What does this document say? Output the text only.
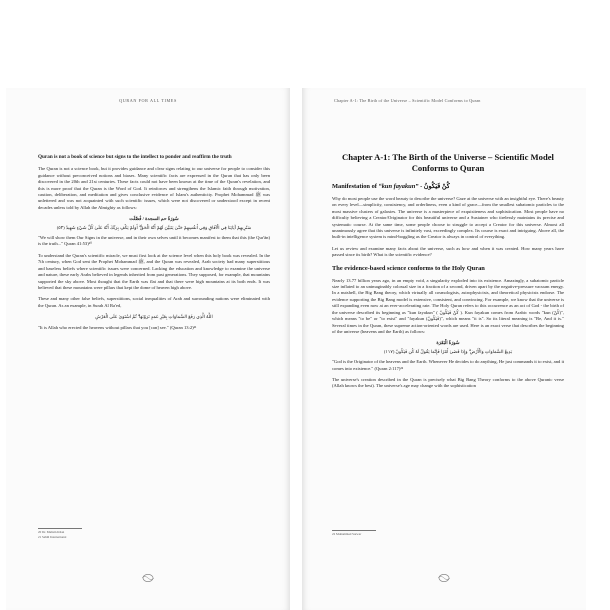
QURAN FOR ALL TIMES

Quran is not a book of science but signs to the intellect to ponder and reaffirm the truth

The Quran is not a science book, but it provides guidance and clear signs relating to our universe for people to consider this guidance without preconceived notions and biases. Many scientific facts are expressed in the Quran that has only been discovered in the 20th and 21st centuries. These facts could not have been known at the time of the Quran's revelation, and this is more proof that the Quran is the Word of God. It reinforces and strengthens the Islamic faith through motivation, caution, deliberation, and meditation and gives conclusive evidence of Islam's authenticity. Prophet Mohammad ﷺ was unlettered and was not acquainted with such scientific issues, which were not discovered or understood except in recent decades unless told by Allah the Almighty as follows:

سُورَةُ حم السجدة / فُصِّلَت

سَنُرِيهِمْ آيَاتِنَا فِي الْآفَاقِ وَفِي أَنفُسِهِمْ حَتَّىٰ يَتَبَيَّنَ لَهُمْ أَنَّهُ الْحَقُّ ۗ أَوَلَمْ يَكْفِ بِرَبِّكَ أَنَّهُ عَلَىٰ كُلِّ شَيْءٍ شَهِيدٌ (٥٣)

"We will show them Our Signs in the universe, and in their own selves until it becomes manifest to them that this (the Qur'ān) is the truth..." Quran 41:53)²⁰

To understand the Quran's scientific miracle, we must first look at the science level when this holy book was revealed. In the 7th century, when God sent the Prophet Mohammad ﷺ, and the Quran was revealed, Arab society had many superstitious and baseless beliefs where scientific issues were concerned. Lacking the education and knowledge to examine the universe and nature, these early Arabs believed in legends inherited from past generations. They supposed, for example, that mountains supported the sky above. Most thought that the Earth was flat and that there were high mountains at its both ends. It was believed that these mountains were pillars that kept the dome of heaven high above.

These and many other false beliefs, superstitions, social inequalities of Arab and surrounding nations were eliminated with the Quran. As an example, in Surah Al Ra'ed,

اللَّهُ الَّذِي رَفَعَ السَّمَاوَاتِ بِغَيْرِ عَمَدٍ تَرَوْنَهَا ۖ ثُمَّ اسْتَوَىٰ عَلَى الْعَرْشِ

"It is Allah who erected the heavens without pillars that you [can] see." (Quran 13:2)²¹

20 Dr. Muhsin Khan
21 Sahih International
Chapter A-1: The Birth of the Universe – Scientific Model Conforms to Quran

Chapter A-1: The Birth of the Universe – Scientific Model Conforms to Quran

Manifestation of “kun fayakun” - كُنْ فَيَكُونُ

Why do most people use the word beauty to describe the universe? Gaze at the universe with an insightful eye. There's beauty on every level—simplicity, consistency, and orderliness, even a kind of grace—from the smallest subatomic particles to the most massive clusters of galaxies. The universe is a masterpiece of exquisiteness and sophistication. Most people have no difficulty believing a Creator/Originator for this beautiful universe and a Sustainer who tirelessly maintains its precise and systematic course. At the same time, some people choose to struggle to accept a Creator for this universe. Almost all unanimously agree that this universe is infinitely vast, exceedingly complex. Its course is exact and intriguing. Above all, the built-in intelligence system is mind-boggling as the Creator is always in control of everything.

Let us review and examine many facts about the universe, such as how and when it was created. How many years have passed since its birth? What is the scientific evidence?

The evidence-based science conforms to the Holy Quran

Nearly 13.77 billion years ago, in an empty void, a singularity exploded into its existence. Amazingly, a subatomic particle size inflated to an unimaginably colossal size in a fraction of a second, driven apart by the negative-pressure vacuum energy. In a nutshell, the Big Bang theory, which virtually all cosmologists, astrophysicists, and theoretical physicists endorse. The evidence supporting the Big Bang model is extensive, consistent, and convincing. For example, we know that the universe is still expanding even now at an ever-accelerating rate. The Holy Quran refers to this occurrence as an act of God - the birth of the universe described its beginning as "kun fayakun" ( كُنْ فَيَكُونُ ). Kun fayakun comes from Arabic words "kun (كُنْ)", which means "to be" or "to exist" and "fayakun (فَيَكُونُ)", which means "it is". So its literal meaning is "Be, And it is." Several times in the Quran, these supreme action-oriented words are used. Here is an exact verse that describes the beginning of the universe (heavens and the Earth) as follows:

سُورَةُ الْبَقَرَة

بَدِيعُ السَّمَاوَاتِ وَالْأَرْضِ ۖ وَإِذَا قَضَىٰ أَمْرًا فَإِنَّمَا يَقُولُ لَهُ كُن فَيَكُونُ (١١٧)

"God is the Originator of the heavens and the Earth. Whenever He decides to do anything, He just commands it to exist, and it comes into existence." (Quran 2:117)²²

The universe's creation described in the Quran is precisely what Big Bang Theory conforms to the above Quranic verse (Allah knows the best). The universe's age may change with the sophistication

22 Mohammad Sarwar
